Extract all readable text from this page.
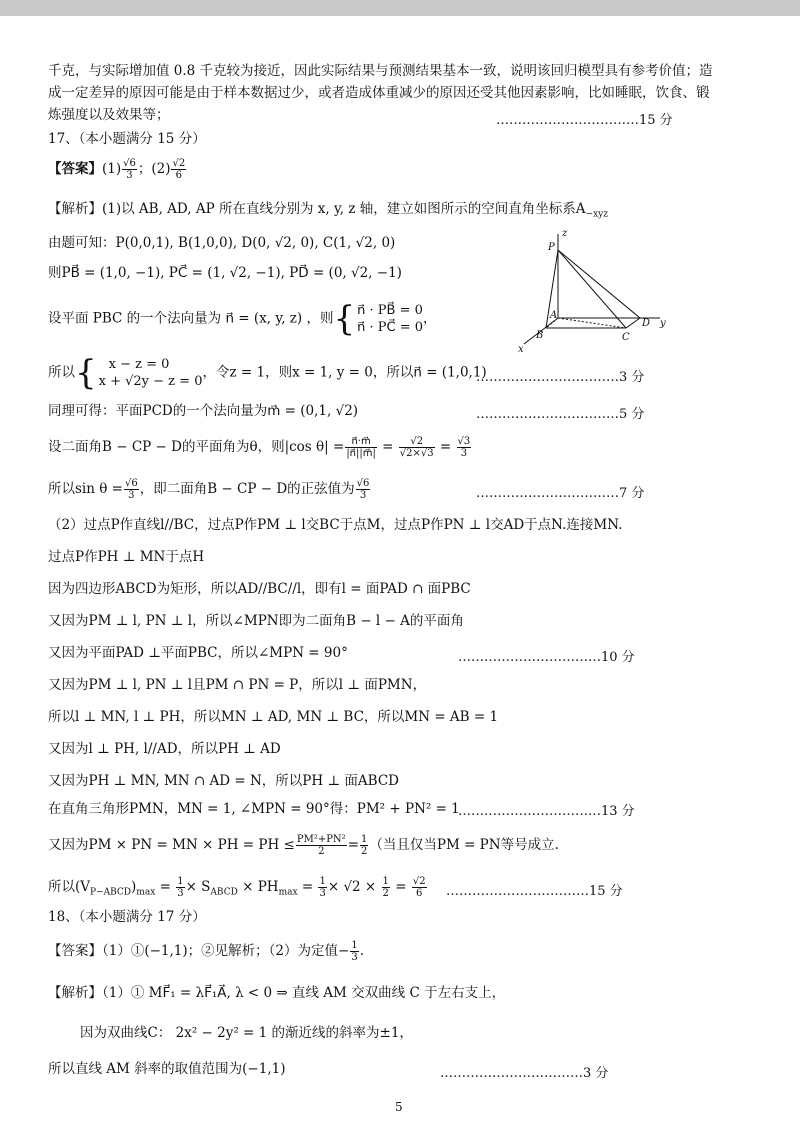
千克，与实际增加值 0.8 千克较为接近，因此实际结果与预测结果基本一致，说明该回归模型具有参考价值；造
成一定差异的原因可能是由于样本数据过少，或者造成体重减少的原因还受其他因素影响，比如睡眠，饮食、锻
炼强度以及效果等；	……………………………15 分
17、（本小题满分 15 分）
【答案】$(1) \frac{√6}{3}$ ；$(2) \frac{√2}{6}$
【解析】(1)以 AB, AD, AP 所在直线分别为 x, y, z 轴，建立如图所示的空间直角坐标系$A_{-xyz}$
由题可知：P(0,0,1), B(1,0,0), D(0, √2, 0), C(1, √2, 0)
则PB⃗ = (1,0, −1), PC⃗ = (1, √2, −1), PD⃗ = (0, √2, −1)
设平面 PBC 的一个法向量为 n⃗ = (x, y, z) ，则{ n⃗ · PB⃗ = 0
n⃗ · PC⃗ = 0
，
所以{ x − z = 0
x + √2y − z = 0
，令z = 1，则x = 1, y = 0，所以n⃗ = (1,0,1)
……………………………3 分
同理可得：平面PCD的一个法向量为m⃗ = (0,1, √2)	……………………………5 分
设二面角B − CP − D的平面角为θ，则|cos $\theta| = \frac{n⃗\cdot m⃗}{|n⃗||m⃗|} = \frac{√2}{√2\times√3} = \frac{√3}{3}$
所以$\sin \theta = \frac{√6}{3}$ ，即二面角B − CP − D的正弦值为 $\frac{√6}{3}$	……………………………7 分
（2）过点P作直线l//BC，过点P作PM ⊥ l交BC于点M，过点P作PN ⊥ l交AD于点N.连接MN.
过点P作PH ⊥ MN于点H
因为四边形ABCD为矩形，所以AD//BC//l，即有l = 面PAD ∩ 面PBC
又因为PM ⊥ l, PN ⊥ l，所以∠MPN即为二面角B − l − A的平面角
又因为平面PAD ⊥平面PBC，所以∠MPN = 90°	……………………………10 分
又因为PM ⊥ l, PN ⊥ l且PM ∩ PN = P，所以l ⊥ 面PMN，
所以l ⊥ MN, l ⊥ PH，所以MN ⊥ AD, MN ⊥ BC，所以MN = AB = 1
又因为l ⊥ PH, l//AD，所以PH ⊥ AD
又因为PH ⊥ MN, MN ∩ AD = N，所以PH ⊥ 面ABCD
在直角三角形PMN，MN = 1, ∠MPN = 90°得：PM² + PN² = 1
……………………………13 分
又因为PM × PN = MN × PH = PH ≤ $\frac{\text{PM²+PN²}}{2} = \frac{1}{2}$ （当且仅当PM = PN等号成立.
所以$(V_{P-ABCD})_{max} = \frac{1}{3} \times S_{ABCD} \times PH_{max} = \frac{1}{3} \times √2 \times \frac{1}{2} = \frac{√2}{6}$ ……………………………15 分
18、（本小题满分 17 分）
【答案】（1）①(−1,1)；②见解析；（2）为定值− $\frac{1}{3}$ .
【解析】（1）① MF⃗₁ = λF⃗₁A⃗, λ < 0 ⇒ 直线 AM 交双曲线 C 于左右支上，
因为双曲线C： 2x² − 2y² = 1 的渐近线的斜率为±1，
所以直线 AM 斜率的取值范围为(−1,1)	……………………………3 分
5
P
z
A
B	C
D
x
y
